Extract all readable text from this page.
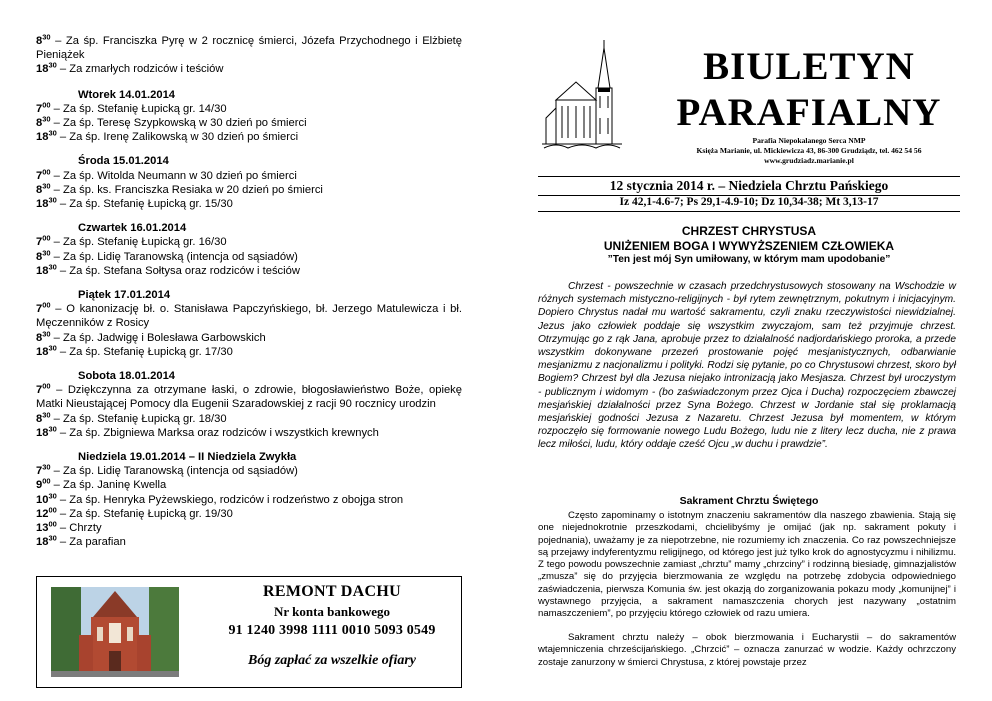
$8^{30}$ – Za śp. Franciszka Pyrę w 2 rocznicę śmierci, Józefa Przychodnego i Elżbietę Pieniążek

$18^{30}$ – Za zmarłych rodziców i teściów

Wtorek 14.01.2014

$7^{00}$ – Za śp. Stefanię Łupicką gr. 14/30

$8^{30}$ – Za śp. Teresę Szypkowską w 30 dzień po śmierci

$18^{30}$ – Za śp. Irenę Zalikowską w 30 dzień po śmierci

Środa 15.01.2014

$7^{00}$ – Za śp. Witolda Neumann w 30 dzień po śmierci

$8^{30}$ – Za śp. ks. Franciszka Resiaka w 20 dzień po śmierci

$18^{30}$ – Za śp. Stefanię Łupicką gr. 15/30

Czwartek 16.01.2014

$7^{00}$ – Za śp. Stefanię Łupicką gr. 16/30

$8^{30}$ – Za śp. Lidię Taranowską (intencja od sąsiadów)

$18^{30}$ – Za śp. Stefana Sołtysa oraz rodziców i teściów

Piątek 17.01.2014

$7^{00}$ – O kanonizację bł. o. Stanisława Papczyńskiego, bł. Jerzego Matulewicza i bł. Męczenników z Rosicy

$8^{30}$ – Za śp. Jadwigę i Bolesława Garbowskich

$18^{30}$ – Za śp. Stefanię Łupicką gr. 17/30

Sobota 18.01.2014

$7^{00}$ – Dziękczynna za otrzymane łaski, o zdrowie, błogosławieństwo Boże, opiekę Matki Nieustającej Pomocy dla Eugenii Szaradowskiej z racji 90 rocznicy urodzin

$8^{30}$ – Za śp. Stefanię Łupicką gr. 18/30

$18^{30}$ – Za śp. Zbigniewa Marksa oraz rodziców i wszystkich krewnych

Niedziela 19.01.2014 – II Niedziela Zwykła

$7^{30}$ – Za śp. Lidię Taranowską (intencja od sąsiadów)

$9^{00}$ – Za śp. Janinę Kwella

$10^{30}$ – Za śp. Henryka Pyżewskiego, rodziców i rodzeństwo z obojga stron

$12^{00}$ – Za śp. Stefanię Łupicką gr. 19/30

$13^{00}$ – Chrzty

$18^{30}$ – Za parafian

REMONT DACHU
Nr konta bankowego
91 1240 3998 1111 0010 5093 0549
Bóg zapłać za wszelkie ofiary
BIULETYN
PARAFIALNY
Parafia Niepokalanego Serca NMP
Księża Marianie, ul. Mickiewicza 43, 86-300 Grudziądz, tel. 462 54 56
www.grudziadz.marianie.pl
12 stycznia 2014 r. – Niedziela Chrztu Pańskiego
Iz 42,1-4.6-7; Ps 29,1-4.9-10; Dz 10,34-38; Mt 3,13-17
CHRZEST CHRYSTUSA
UNIŻENIEM BOGA I WYWYŻSZENIEM CZŁOWIEKA
”Ten jest mój Syn umiłowany, w którym mam upodobanie”

Chrzest - powszechnie w czasach przedchrystusowych stosowany na Wschodzie w różnych systemach mistyczno-religijnych - był rytem zewnętrznym, pokutnym i inicjacyjnym. Dopiero Chrystus nadał mu wartość sakramentu, czyli znaku rzeczywistości niewidzialnej. Jezus jako człowiek poddaje się wszystkim zwyczajom, sam też przyjmuje chrzest. Otrzymując go z rąk Jana, aprobuje przez to działalność nadjordańskiego proroka, a przede wszystkim dokonywane przezeń prostowanie pojęć mesjanistycznych, odbarwianie mesjanizmu z nacjonalizmu i polityki. Rodzi się pytanie, po co Chrystusowi chrzest, skoro był Bogiem? Chrzest był dla Jezusa niejako intronizacją jako Mesjasza. Chrzest był uroczystym - publicznym i widomym - (bo zaświadczonym przez Ojca i Ducha) rozpoczęciem zbawczej mesjańskiej działalności przez Syna Bożego. Chrzest w Jordanie stał się proklamacją mesjańskiej godności Jezusa z Nazaretu. Chrzest Jezusa był momentem, w którym rozpoczęło się formowanie nowego Ludu Bożego, ludu nie z litery lecz ducha, nie z prawa lecz miłości, ludu, który oddaje cześć Ojcu „w duchu i prawdzie”.

Sakrament Chrztu Świętego

Często zapominamy o istotnym znaczeniu sakramentów dla naszego zbawienia. Stają się one niejednokrotnie przeszkodami, chcielibyśmy je omijać (jak np. sakrament pokuty i pojednania), uważamy je za niepotrzebne, nie rozumiemy ich znaczenia. Co raz powszechniejsze są przejawy indyferentyzmu religijnego, od którego jest już tylko krok do agnostycyzmu i nihilizmu. Z tego powodu powszechnie zamiast „chrztu” mamy „chrzciny” i rodzinną biesiadę, gimnazjalistów „zmusza” się do przyjęcia bierzmowania ze względu na potrzebę zdobycia odpowiedniego zaświadczenia, pierwsza Komunia św. jest okazją do zorganizowania pokazu mody „komunijnej” i wystawnego przyjęcia, a sakrament namaszczenia chorych jest nazywany „ostatnim namaszczeniem”, po przyjęciu którego człowiek od razu umiera.

Sakrament chrztu należy – obok bierzmowania i Eucharystii – do sakramentów wtajemniczenia chrześcijańskiego. „Chrzcić” – oznacza zanurzać w wodzie. Każdy ochrzczony zostaje zanurzony w śmierci Chrystusa, z której powstaje przez
